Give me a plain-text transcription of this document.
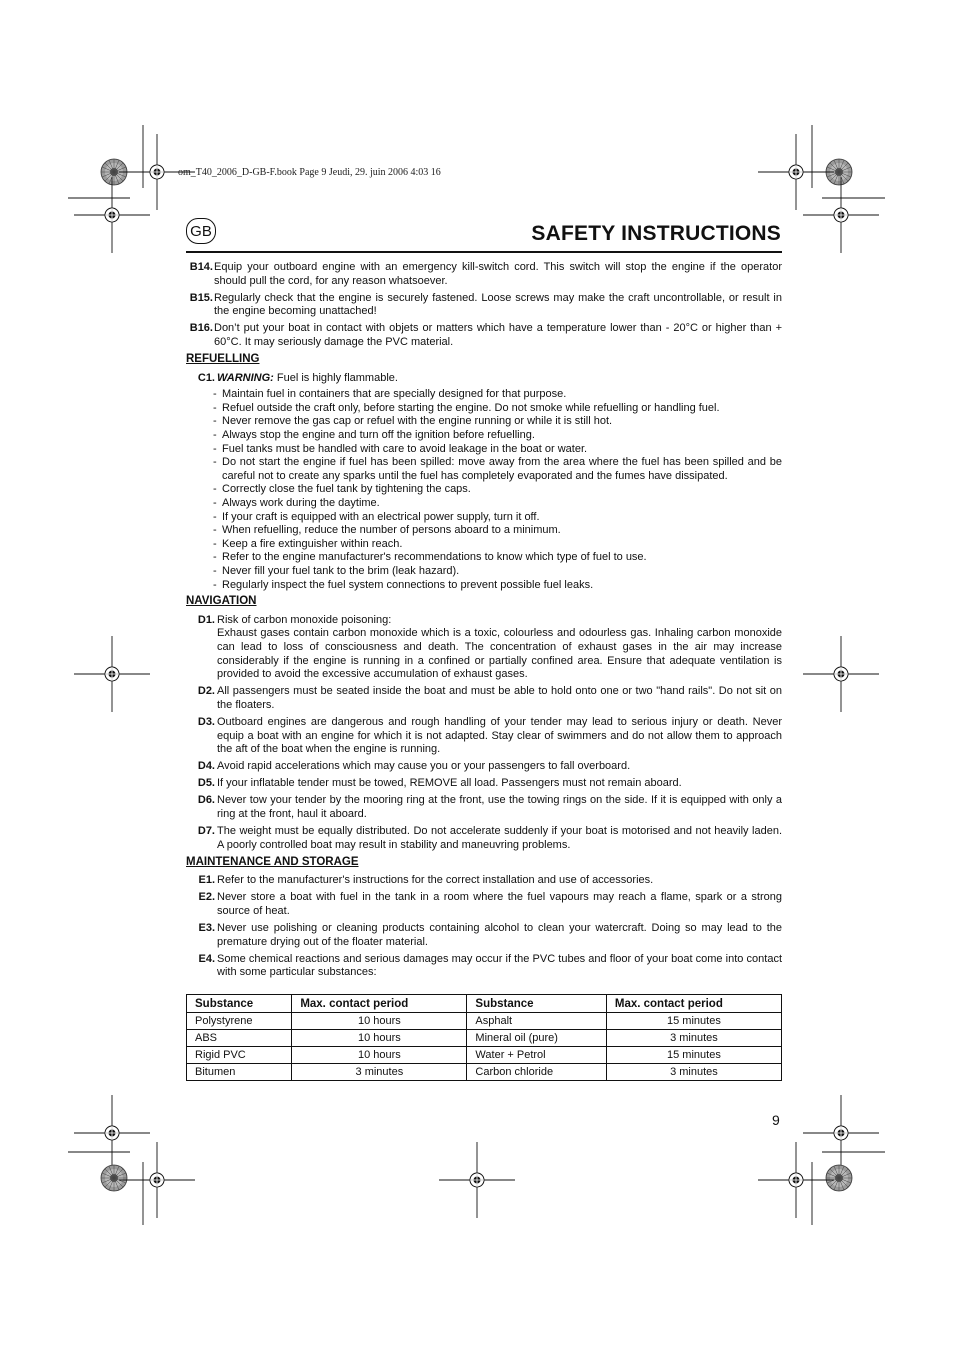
om_T40_2006_D-GB-F.book Page 9 Jeudi, 29. juin 2006 4:03 16
GB	SAFETY INSTRUCTIONS
B14. Equip your outboard engine with an emergency kill-switch cord. This switch will stop the engine if the operator should pull the cord, for any reason whatsoever.
B15. Regularly check that the engine is securely fastened. Loose screws may make the craft uncontrollable, or result in the engine becoming unattached!
B16. Don’t put your boat in contact with objets or matters which have a temperature lower than - 20°C or higher than + 60°C. It may seriously damage the PVC material.
REFUELLING
C1. WARNING: Fuel is highly flammable.
- Maintain fuel in containers that are specially designed for that purpose.
- Refuel outside the craft only, before starting the engine. Do not smoke while refuelling or handling fuel.
- Never remove the gas cap or refuel with the engine running or while it is still hot.
- Always stop the engine and turn off the ignition before refuelling.
- Fuel tanks must be handled with care to avoid leakage in the boat or water.
- Do not start the engine if fuel has been spilled: move away from the area where the fuel has been spilled and be careful not to create any sparks until the fuel has completely evaporated and the fumes have dissipated.
- Correctly close the fuel tank by tightening the caps.
- Always work during the daytime.
- If your craft is equipped with an electrical power supply, turn it off.
- When refuelling, reduce the number of persons aboard to a minimum.
- Keep a fire extinguisher within reach.
- Refer to the engine manufacturer's recommendations to know which type of fuel to use.
- Never fill your fuel tank to the brim (leak hazard).
- Regularly inspect the fuel system connections to prevent possible fuel leaks.
NAVIGATION
D1. Risk of carbon monoxide poisoning:
Exhaust gases contain carbon monoxide which is a toxic, colourless and odourless gas. Inhaling carbon monoxide can lead to loss of consciousness and death. The concentration of exhaust gases in the air may increase considerably if the engine is running in a confined or partially confined area. Ensure that adequate ventilation is provided to avoid the excessive accumulation of exhaust gases.
D2. All passengers must be seated inside the boat and must be able to hold onto one or two "hand rails". Do not sit on the floaters.
D3. Outboard engines are dangerous and rough handling of your tender may lead to serious injury or death. Never equip a boat with an engine for which it is not adapted. Stay clear of swimmers and do not allow them to approach the aft of the boat when the engine is running.
D4. Avoid rapid accelerations which may cause you or your passengers to fall overboard.
D5. If your inflatable tender must be towed, REMOVE all load. Passengers must not remain aboard.
D6. Never tow your tender by the mooring ring at the front, use the towing rings on the side. If it is equipped with only a ring at the front, haul it aboard.
D7. The weight must be equally distributed. Do not accelerate suddenly if your boat is motorised and not heavily laden. A poorly controlled boat may result in stability and maneuvring problems.
MAINTENANCE AND STORAGE
E1. Refer to the manufacturer's instructions for the correct installation and use of accessories.
E2. Never store a boat with fuel in the tank in a room where the fuel vapours may reach a flame, spark or a strong source of heat.
E3. Never use polishing or cleaning products containing alcohol to clean your watercraft. Doing so may lead to the premature drying out of the floater material.
E4. Some chemical reactions and serious damages may occur if the PVC tubes and floor of your boat come into contact with some particular substances:
Substance	Max. contact period	Substance	Max. contact period
Polystyrene	10 hours	Asphalt	15 minutes
ABS	10 hours	Mineral oil (pure)	3 minutes
Rigid PVC	10 hours	Water + Petrol	15 minutes
Bitumen	3 minutes	Carbon chloride	3 minutes
9
